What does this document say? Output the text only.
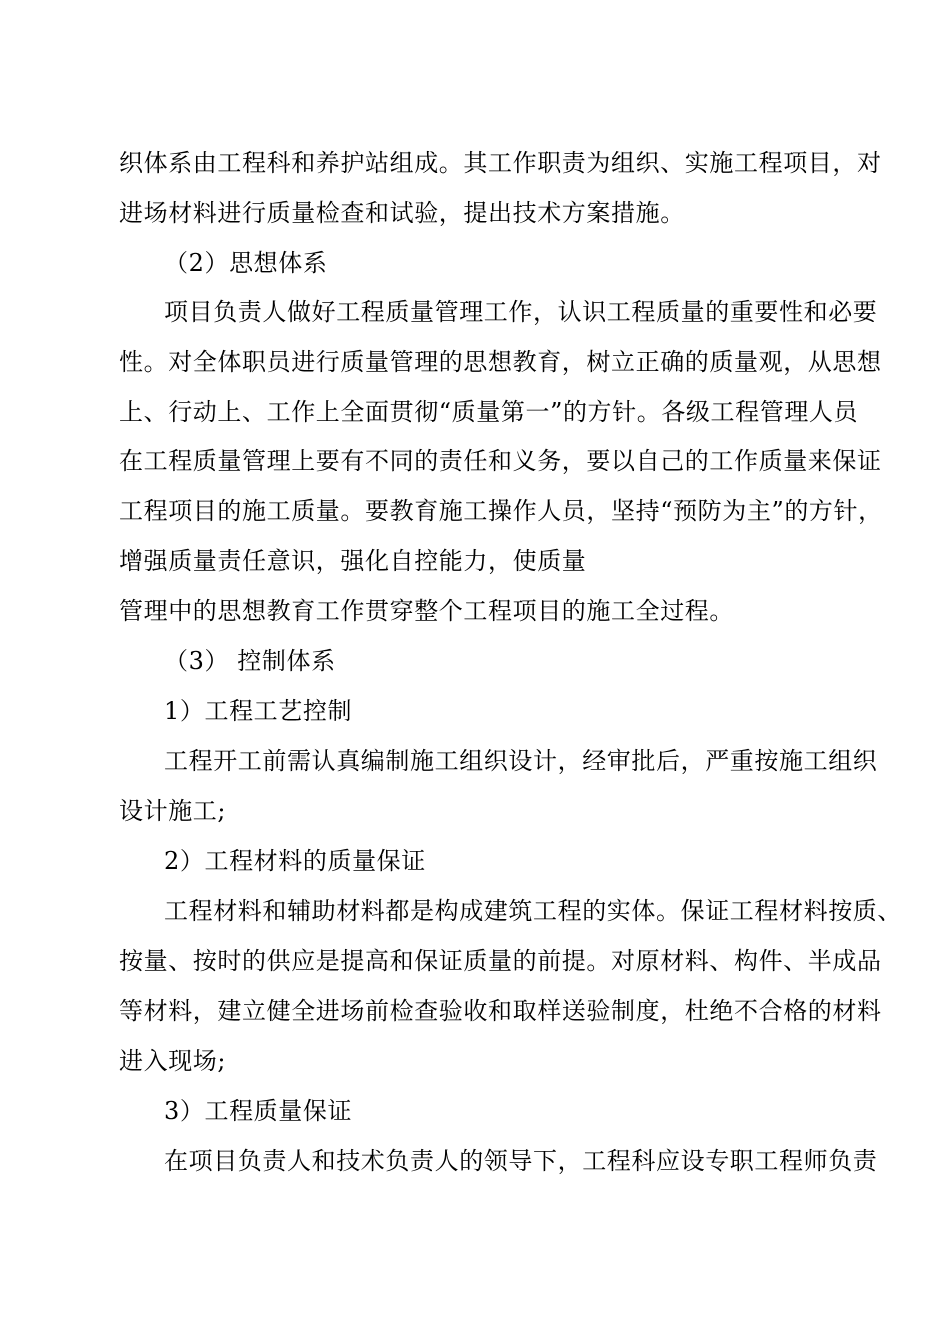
织体系由工程科和养护站组成。其工作职责为组织、实施工程项目，对
进场材料进行质量检查和试验，提出技术方案措施。
（2）思想体系
项目负责人做好工程质量管理工作，认识工程质量的重要性和必要
性。对全体职员进行质量管理的思想教育，树立正确的质量观，从思想
上、行动上、工作上全面贯彻“质量第一”的方针。各级工程管理人员
在工程质量管理上要有不同的责任和义务，要以自己的工作质量来保证
工程项目的施工质量。要教育施工操作人员，坚持“预防为主”的方针，
增强质量责任意识，强化自控能力，使质量
管理中的思想教育工作贯穿整个工程项目的施工全过程。
（3） 控制体系
1）工程工艺控制
工程开工前需认真编制施工组织设计，经审批后，严重按施工组织
设计施工;
2）工程材料的质量保证
工程材料和辅助材料都是构成建筑工程的实体。保证工程材料按质、
按量、按时的供应是提高和保证质量的前提。对原材料、构件、半成品
等材料，建立健全进场前检查验收和取样送验制度，杜绝不合格的材料
进入现场;
3）工程质量保证
在项目负责人和技术负责人的领导下，工程科应设专职工程师负责
